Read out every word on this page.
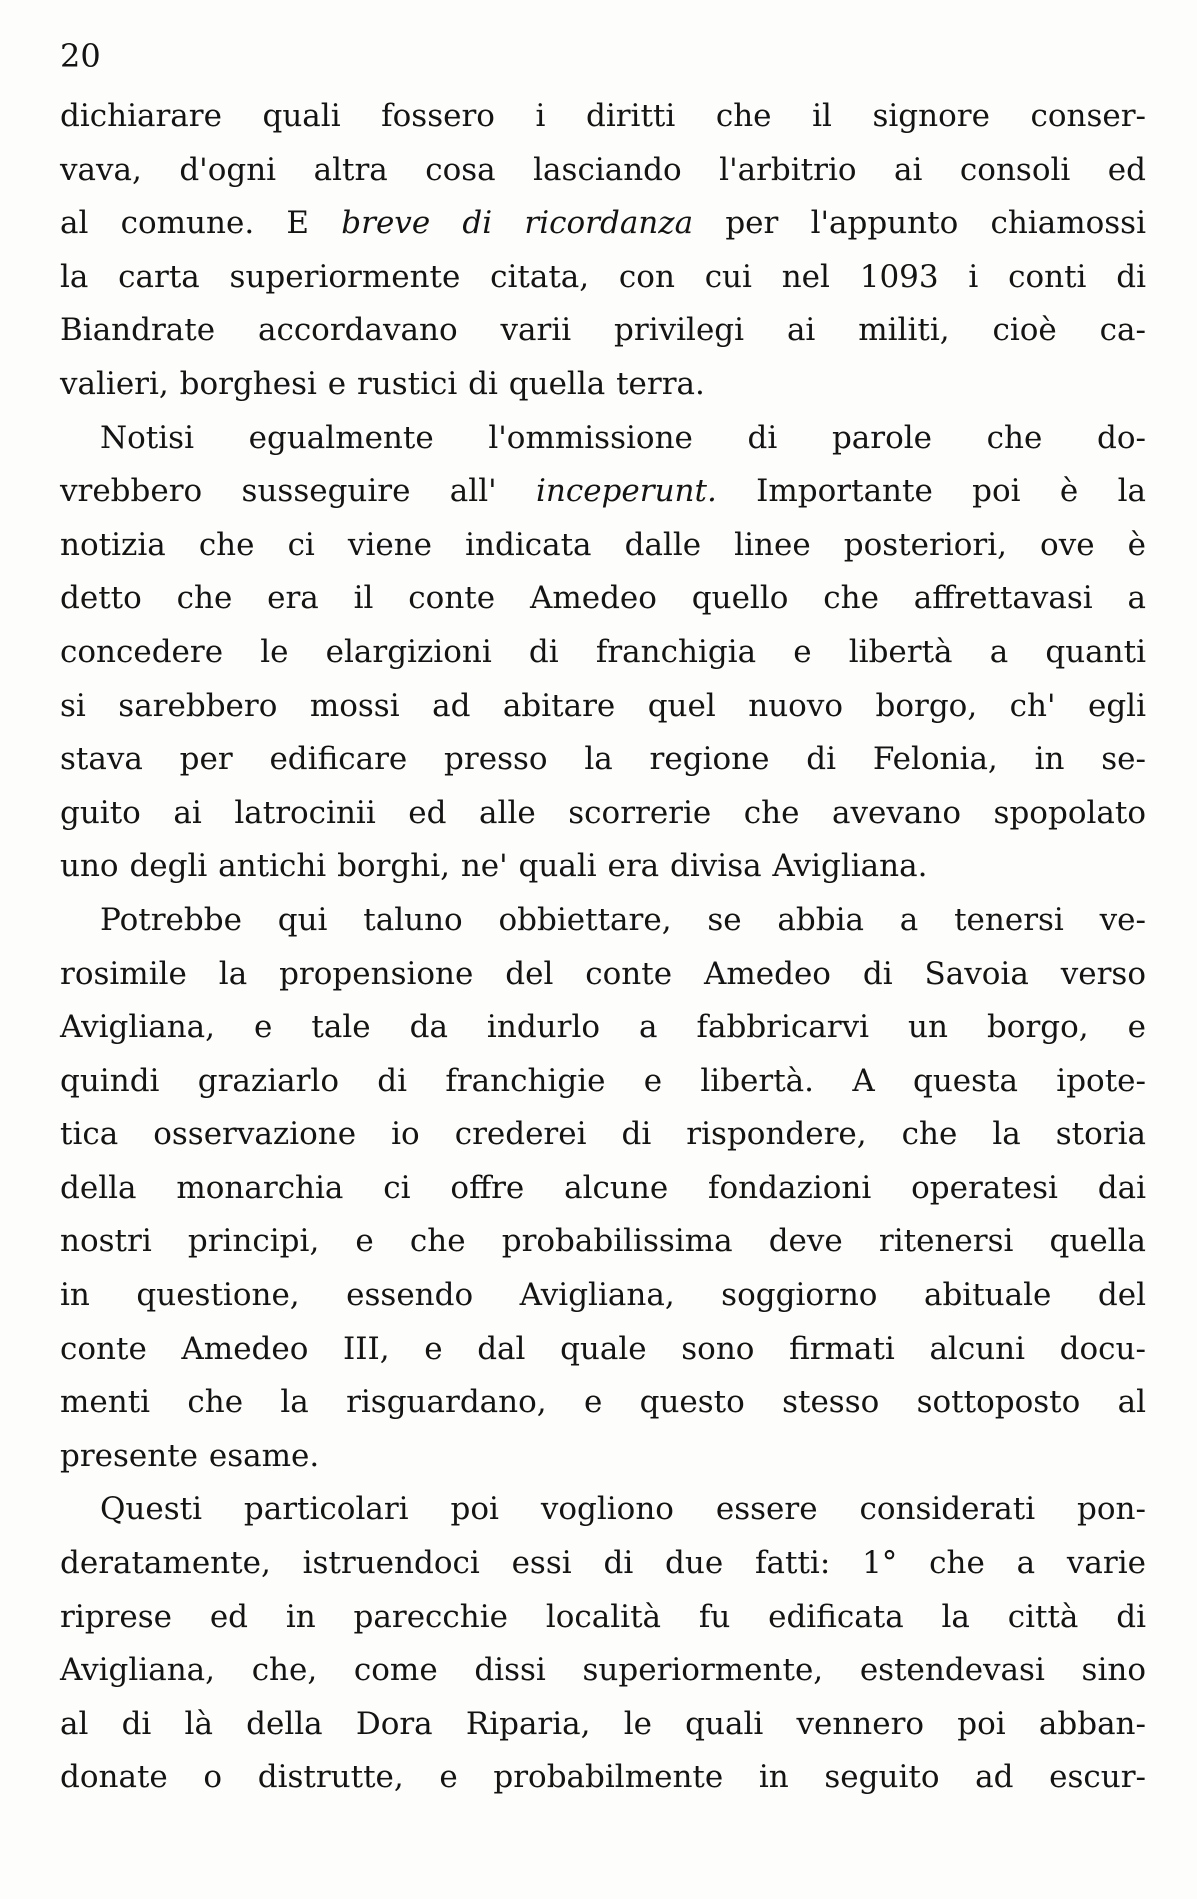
20
dichiarare quali fossero i diritti che il signore conser-
vava, d'ogni altra cosa lasciando l'arbitrio ai consoli ed
al comune. E breve di ricordanza per l'appunto chiamossi
la carta superiormente citata, con cui nel 1093 i conti di
Biandrate accordavano varii privilegi ai militi, cioè ca-
valieri, borghesi e rustici di quella terra.
Notisi egualmente l'ommissione di parole che do-
vrebbero susseguire all' inceperunt. Importante poi è la
notizia che ci viene indicata dalle linee posteriori, ove è
detto che era il conte Amedeo quello che affrettavasi a
concedere le elargizioni di franchigia e libertà a quanti
si sarebbero mossi ad abitare quel nuovo borgo, ch' egli
stava per edificare presso la regione di Felonia, in se-
guito ai latrocinii ed alle scorrerie che avevano spopolato
uno degli antichi borghi, ne' quali era divisa Avigliana.
Potrebbe qui taluno obbiettare, se abbia a tenersi ve-
rosimile la propensione del conte Amedeo di Savoia verso
Avigliana, e tale da indurlo a fabbricarvi un borgo, e
quindi graziarlo di franchigie e libertà. A questa ipote-
tica osservazione io crederei di rispondere, che la storia
della monarchia ci offre alcune fondazioni operatesi dai
nostri principi, e che probabilissima deve ritenersi quella
in questione, essendo Avigliana, soggiorno abituale del
conte Amedeo III, e dal quale sono firmati alcuni docu-
menti che la risguardano, e questo stesso sottoposto al
presente esame.
Questi particolari poi vogliono essere considerati pon-
deratamente, istruendoci essi di due fatti: 1° che a varie
riprese ed in parecchie località fu edificata la città di
Avigliana, che, come dissi superiormente, estendevasi sino
al di là della Dora Riparia, le quali vennero poi abban-
donate o distrutte, e probabilmente in seguito ad escur-
